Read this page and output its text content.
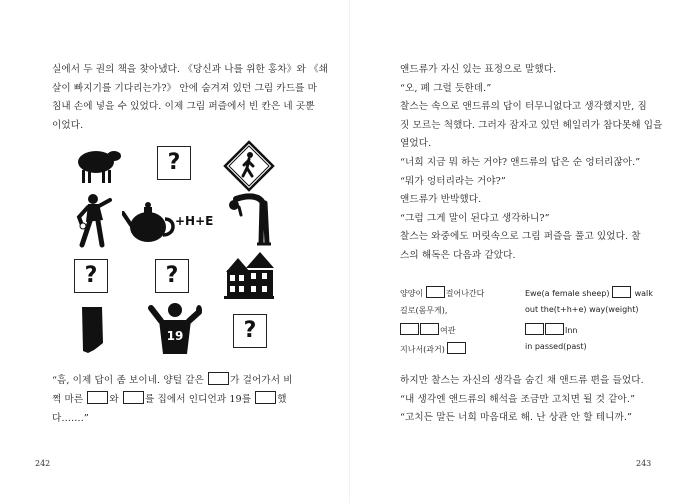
실에서 두 권의 책을 찾아냈다. 《당신과 나를 위한 홍차》와 《쇄
살이 빠지기를 기다리는가?》 안에 숨겨져 있던 그림 카드를 마
침내 손에 넣을 수 있었다. 이제 그림 퍼즐에서 빈 칸은 네 곳뿐
이었다.
?
+H+E
?	?
19	?
“흠, 이제 답이 좀 보이네. 양털 같은	가 걸어가서 비
쩍 마른	와	를 집에서 인디언과 19를	했
다…….”
242
앤드류가 자신 있는 표정으로 말했다.
“오, 폐 그럴 듯한데.”
찰스는 속으로 앤드류의 답이 터무니없다고 생각했지만, 짐
짓 모르는 척했다. 그러자 잠자고 있던 헤일리가 참다못해 입을
열었다.
“너희 지금 뭐 하는 거야? 앤드류의 답은 순 엉터리잖아.”
“뭐가 엉터리라는 거야?”
앤드류가 반박했다.
“그럼 그게 말이 된다고 생각하니?”
찰스는 와중에도 머릿속으로 그림 퍼즐을 풀고 있었다. 찰
스의 해독은 다음과 같았다.
양양이	걸어나간다	Ewe(a female sheep)	walk
길로(몸무게),	out the(t+h+e) way(weight)
여관	Inn
지나서(과거)	in passed(past)
하지만 찰스는 자신의 생각을 숨긴 채 앤드류 편을 들었다.
“내 생각엔 앤드류의 해석을 조금만 고치면 될 것 같아.”
“고치든 말든 너희 마음대로 해. 난 상관 안 할 테니까.”
243
